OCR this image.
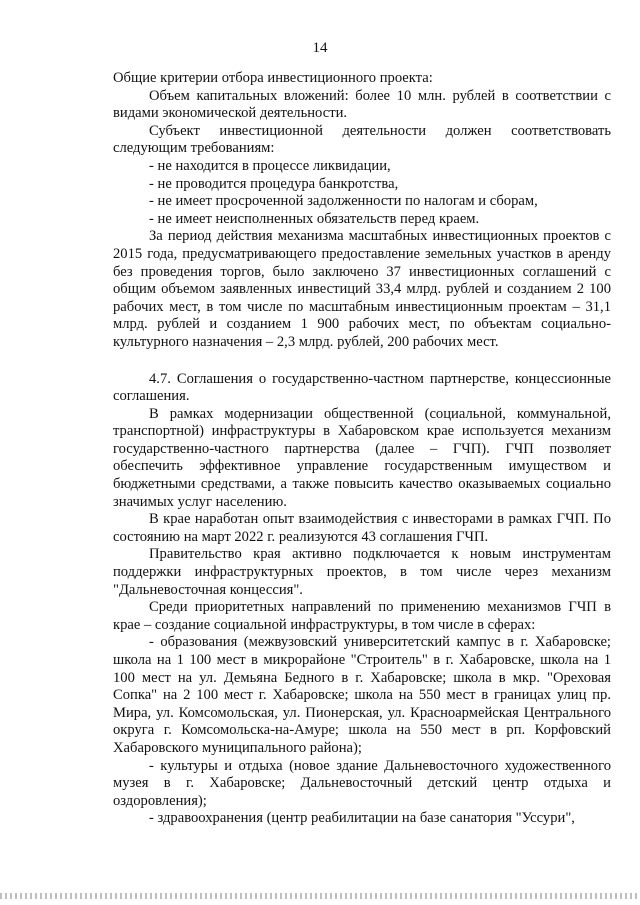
14

Общие критерии отбора инвестиционного проекта:

Объем капитальных вложений: более 10 млн. рублей в соответствии с видами экономической деятельности.

Субъект инвестиционной деятельности должен соответствовать следующим требованиям:

- не находится в процессе ликвидации,

- не проводится процедура банкротства,

- не имеет просроченной задолженности по налогам и сборам,

- не имеет неисполненных обязательств перед краем.

За период действия механизма масштабных инвестиционных проектов с 2015 года, предусматривающего предоставление земельных участков в аренду без проведения торгов, было заключено 37 инвестиционных соглашений с общим объемом заявленных инвестиций 33,4 млрд. рублей и созданием 2 100 рабочих мест, в том числе по масштабным инвестиционным проектам – 31,1 млрд. рублей и созданием 1 900 рабочих мест, по объектам социально-культурного назначения – 2,3 млрд. рублей, 200 рабочих мест.

4.7. Соглашения о государственно-частном партнерстве, концессионные соглашения.

В рамках модернизации общественной (социальной, коммунальной, транспортной) инфраструктуры в Хабаровском крае используется механизм государственно-частного партнерства (далее – ГЧП). ГЧП позволяет обеспечить эффективное управление государственным имуществом и бюджетными средствами, а также повысить качество оказываемых социально значимых услуг населению.

В крае наработан опыт взаимодействия с инвесторами в рамках ГЧП. По состоянию на март 2022 г. реализуются 43 соглашения ГЧП.

Правительство края активно подключается к новым инструментам поддержки инфраструктурных проектов, в том числе через механизм "Дальневосточная концессия".

Среди приоритетных направлений по применению механизмов ГЧП в крае – создание социальной инфраструктуры, в том числе в сферах:

- образования (межвузовский университетский кампус в г. Хабаровске; школа на 1 100 мест в микрорайоне "Строитель" в г. Хабаровске, школа на 1 100 мест на ул. Демьяна Бедного в г. Хабаровске; школа в мкр. "Ореховая Сопка" на 2 100 мест г. Хабаровске; школа на 550 мест в границах улиц пр. Мира, ул. Комсомольская, ул. Пионерская, ул. Красноармейская Центрального округа г. Комсомольска-на-Амуре; школа на 550 мест в рп. Корфовский Хабаровского муниципального района);

- культуры и отдыха (новое здание Дальневосточного художественного музея в г. Хабаровске; Дальневосточный детский центр отдыха и оздоровления);

- здравоохранения (центр реабилитации на базе санатория "Уссури",
